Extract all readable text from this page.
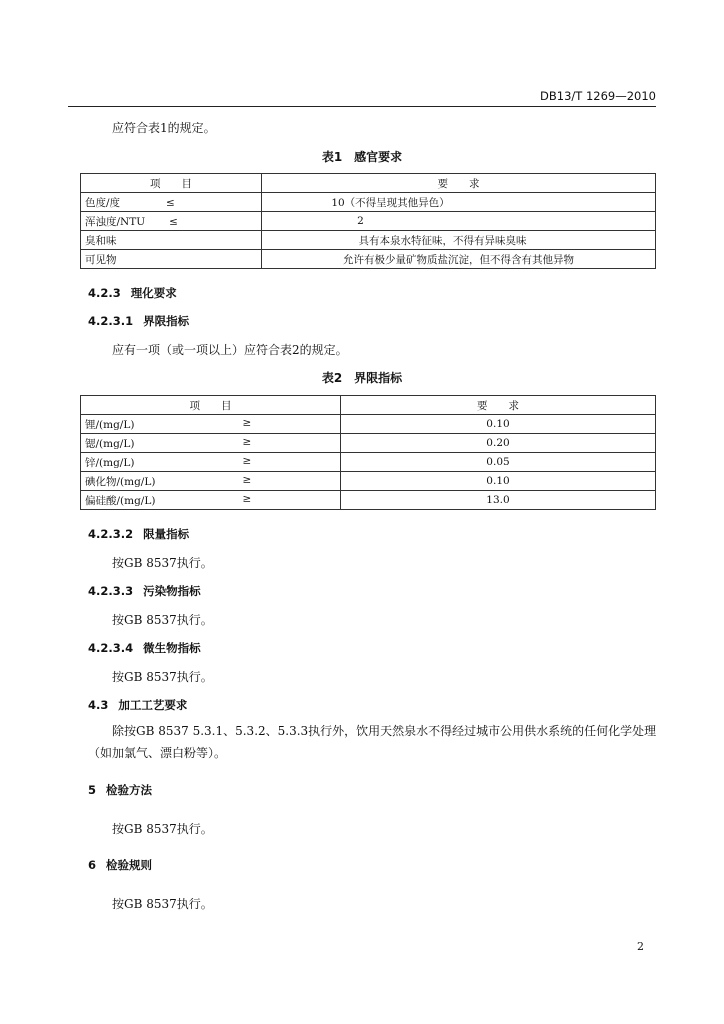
DB13/T 1269—2010
应符合表1的规定。
表1　感官要求
项　　目	要　　求
色度/度 ≤	10（不得呈现其他异色）
浑浊度/NTU ≤	2
臭和味	具有本泉水特征味，不得有异味臭味
可见物	允许有极少量矿物质盐沉淀，但不得含有其他异物
4.2.3 理化要求
4.2.3.1 界限指标
应有一项（或一项以上）应符合表2的规定。
表2　界限指标
项　　目	要　　求
锂/(mg/L) ≥	0.10
锶/(mg/L) ≥	0.20
锌/(mg/L) ≥	0.05
碘化物/(mg/L) ≥	0.10
偏硅酸/(mg/L) ≥	13.0
4.2.3.2 限量指标
按GB 8537执行。
4.2.3.3 污染物指标
按GB 8537执行。
4.2.3.4 微生物指标
按GB 8537执行。
4.3 加工工艺要求
除按GB 8537 5.3.1、5.3.2、5.3.3执行外，饮用天然泉水不得经过城市公用供水系统的任何化学处理（如加氯气、漂白粉等）。
5 检验方法
按GB 8537执行。
6 检验规则
按GB 8537执行。
2
